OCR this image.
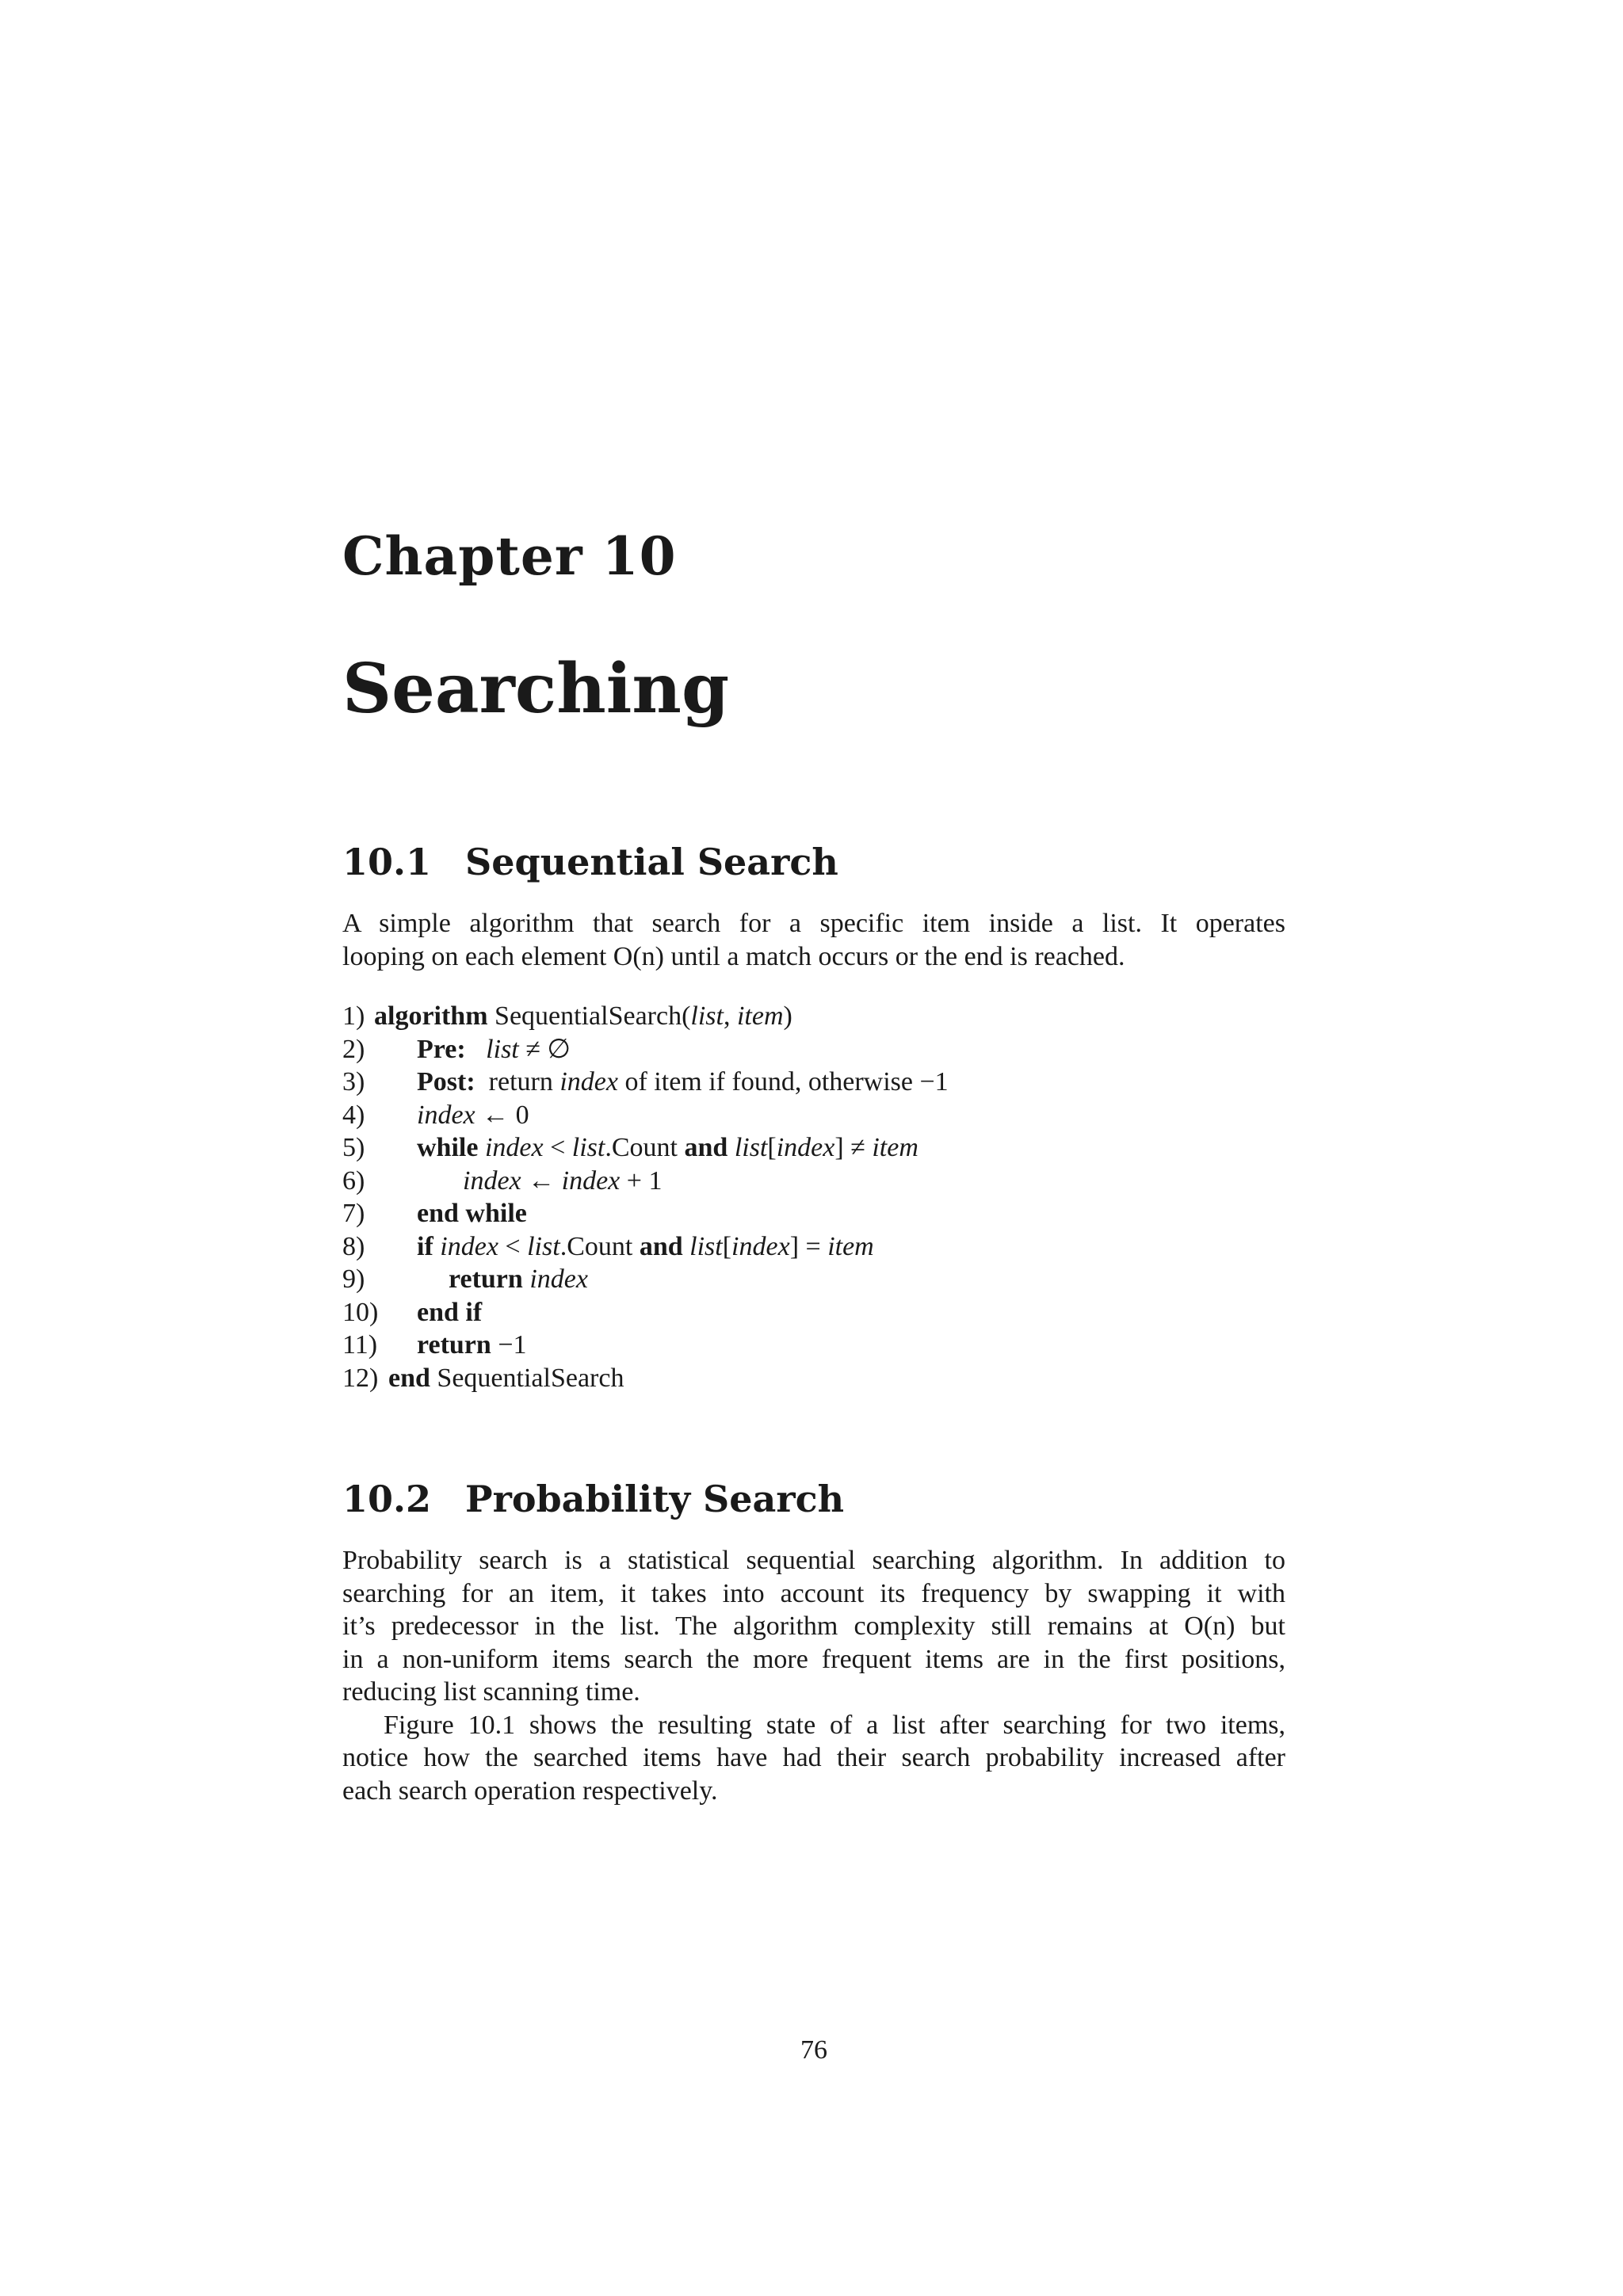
Chapter 10
Searching
10.1 Sequential Search
A simple algorithm that search for a specific item inside a list. It operates
looping on each element O(n) until a match occurs or the end is reached.
1) algorithm SequentialSearch(list, item)
2) Pre: list ≠ ∅
3) Post:  return index of item if found, otherwise −1
4) index ← 0
5) while index < list.Count and list[index] ≠ item
6)	index ← index + 1
7) end while
8) if index < list.Count and list[index] = item
9)	return index
10) end if
11) return −1
12) end SequentialSearch
10.2 Probability Search
Probability search is a statistical sequential searching algorithm. In addition to
searching for an item, it takes into account its frequency by swapping it with
it’s predecessor in the list. The algorithm complexity still remains at O(n) but
in a non-uniform items search the more frequent items are in the first positions,
reducing list scanning time.
Figure 10.1 shows the resulting state of a list after searching for two items,
notice how the searched items have had their search probability increased after
each search operation respectively.
76
